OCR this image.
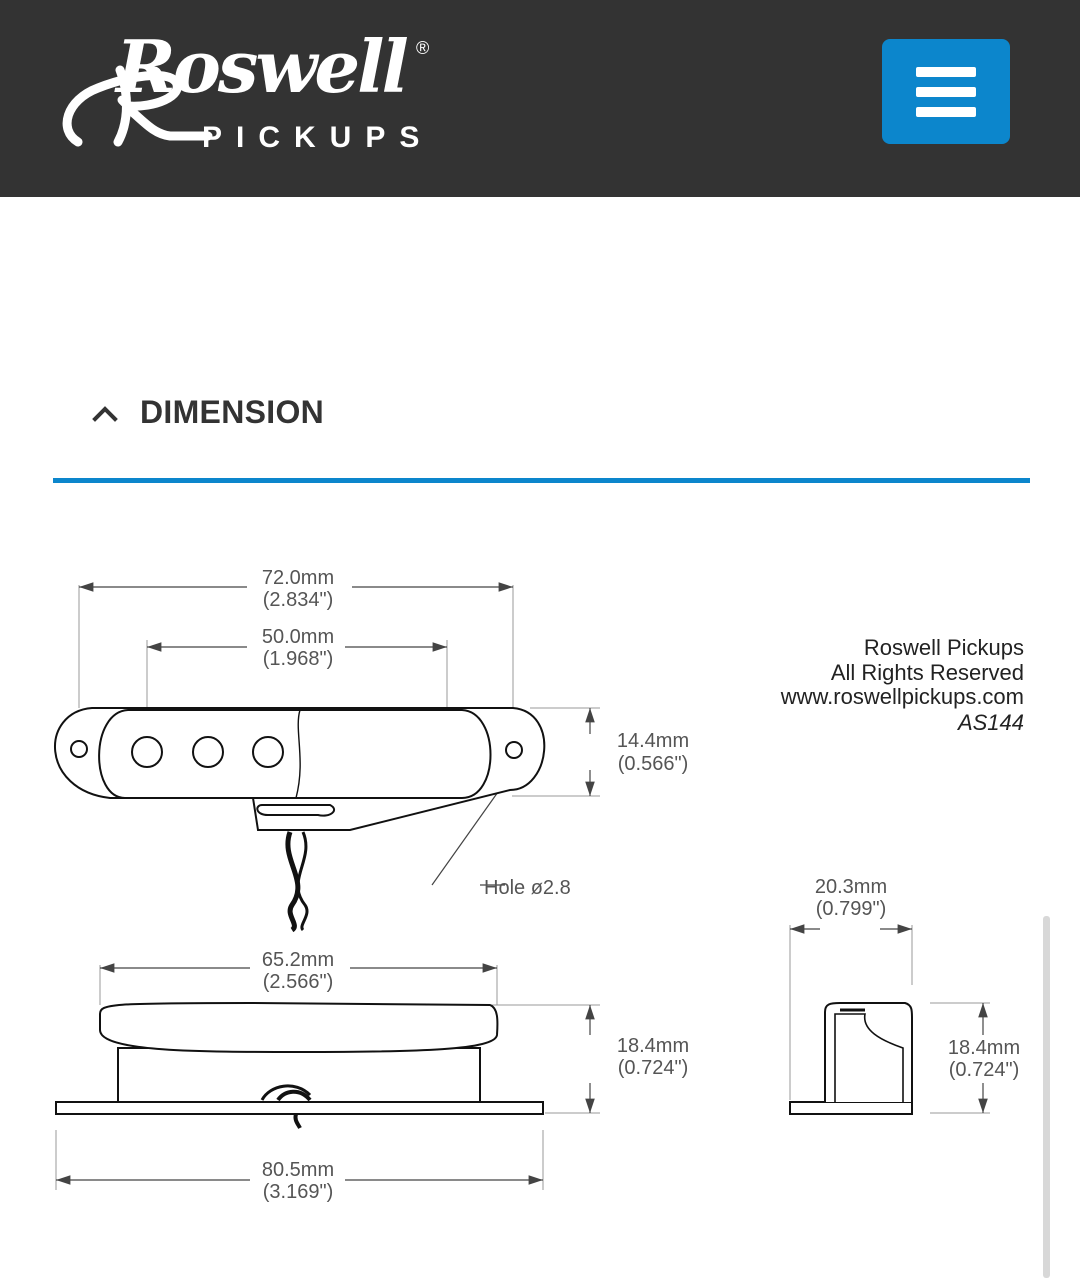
Roswell
PICKUPS
®
DIMENSION
72.0mm
(2.834")
50.0mm
(1.968")
14.4mm
(0.566")
Hole ø2.8
65.2mm
(2.566")
18.4mm
(0.724")
80.5mm
(3.169")
20.3mm
(0.799")
18.4mm
(0.724")
Roswell Pickups
All Rights Reserved
www.roswellpickups.com
AS144
